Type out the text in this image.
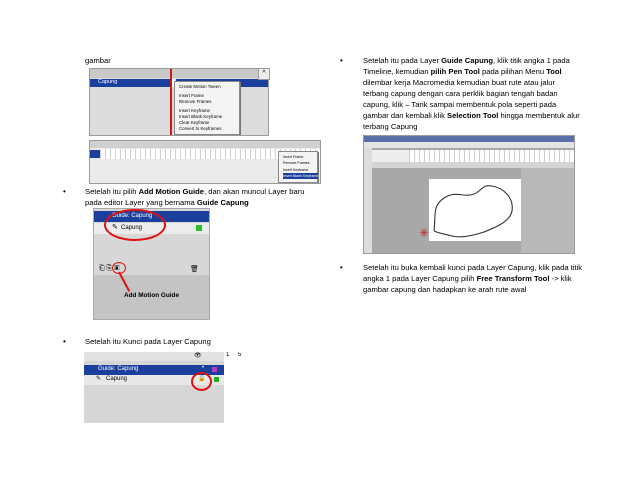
gambar
Capung
Create Motion Tween
Insert Frame
Remove Frames
Insert Keyframe
Insert Blank Keyframe
Clear Keyframe
Convert to Keyframes
^
Insert Frame
Remove Frames
Insert Keyframe
Insert Blank Keyframe
•	Setelah itu pilih Add Motion Guide, dan akan muncul Layer baru pada editor Layer yang bernama Guide Capung
Guide: Capung
✎ Capung
⎗ ⎘ ▣	🗑
Add Motion Guide
•	Setelah itu Kunci pada Layer Capung
👁	1 5
Guide: Capung	•
✎ Capung	🔒
•	Setelah itu pada Layer Guide Capung, klik titik angka 1 pada Timeline, kemudian pilih Pen Tool pada pilihan Menu Tool dilembar kerja Macromedia kemudian buat rute atau jalur terbang capung dengan cara perklik bagian tengah badan capung, klik – Tarik sampai membentuk pola seperti pada gambar dan kembali klik Selection Tool hingga membentuk alur terbang Capung
✳
•	Setelah itu buka kembali kunci pada Layer Capung, klik pada titik angka 1 pada Layer Capung pilih Free Transform Tool -> klik gambar capung dan hadapkan ke arah rute awal
